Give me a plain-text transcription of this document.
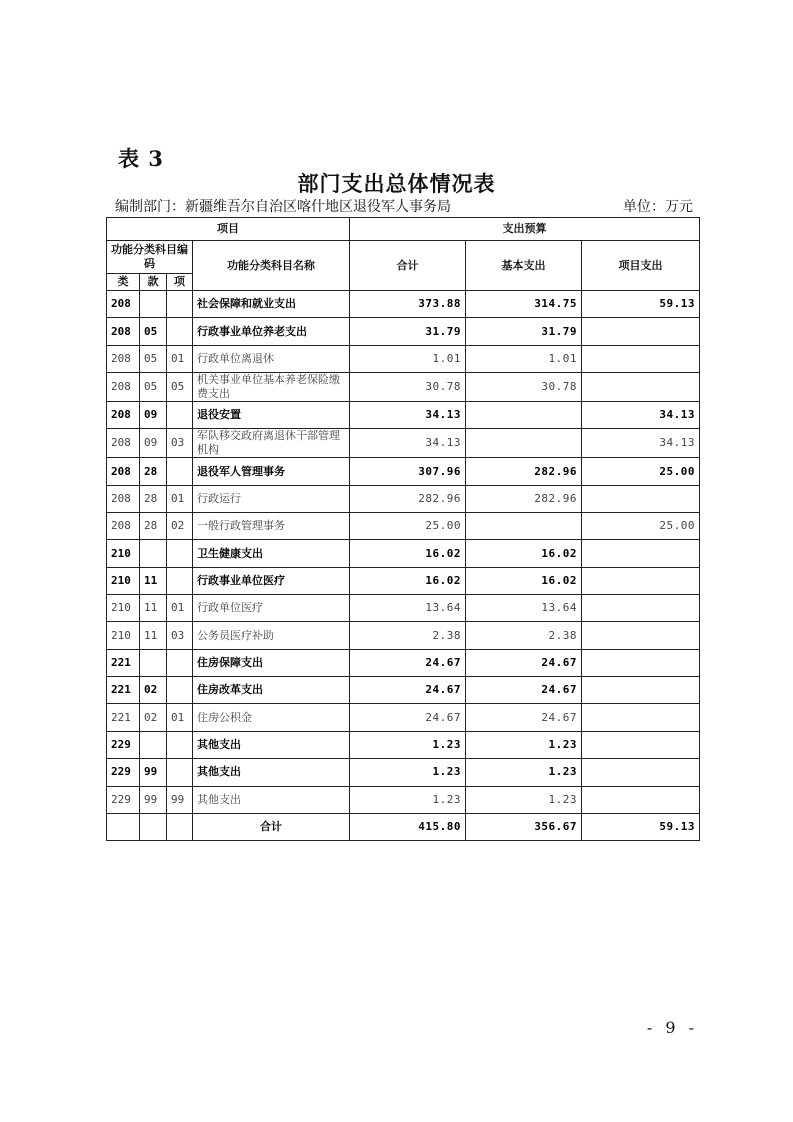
表 3
部门支出总体情况表
编制部门：新疆维吾尔自治区喀什地区退役军人事务局	单位：万元
项目				支出预算		
功能分类科目编码			功能分类科目名称	合计	基本支出	项目支出
类	款	项				
208			社会保障和就业支出	373.88	314.75	59.13
208	05		行政事业单位养老支出	31.79	31.79	
208	05	01	行政单位离退休	1.01	1.01	
208	05	05	机关事业单位基本养老保险缴费支出	30.78	30.78	
208	09		退役安置	34.13		34.13
208	09	03	军队移交政府离退休干部管理机构	34.13		34.13
208	28		退役军人管理事务	307.96	282.96	25.00
208	28	01	行政运行	282.96	282.96	
208	28	02	一般行政管理事务	25.00		25.00
210			卫生健康支出	16.02	16.02	
210	11		行政事业单位医疗	16.02	16.02	
210	11	01	行政单位医疗	13.64	13.64	
210	11	03	公务员医疗补助	2.38	2.38	
221			住房保障支出	24.67	24.67	
221	02		住房改革支出	24.67	24.67	
221	02	01	住房公积金	24.67	24.67	
229			其他支出	1.23	1.23	
229	99		其他支出	1.23	1.23	
229	99	99	其他支出	1.23	1.23	
			合计	415.80	356.67	59.13
- 9 -
